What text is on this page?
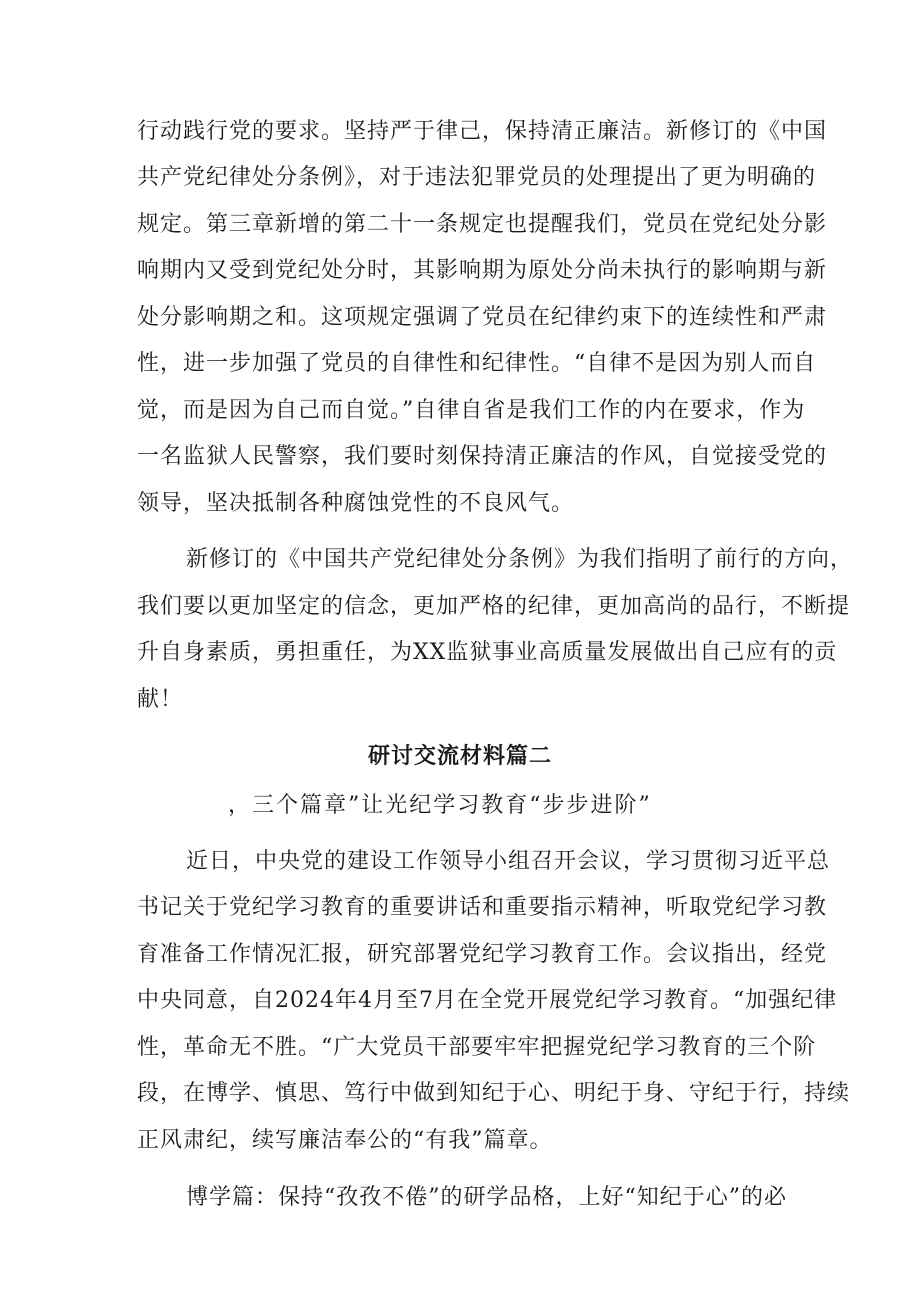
行动践行党的要求。坚持严于律己，保持清正廉洁。新修订的《中国
共产党纪律处分条例》，对于违法犯罪党员的处理提出了更为明确的
规定。第三章新增的第二十一条规定也提醒我们，党员在党纪处分影
响期内又受到党纪处分时，其影响期为原处分尚未执行的影响期与新
处分影响期之和。这项规定强调了党员在纪律约束下的连续性和严肃
性，进一步加强了党员的自律性和纪律性。“自律不是因为别人而自
觉，而是因为自己而自觉。”自律自省是我们工作的内在要求，作为
一名监狱人民警察，我们要时刻保持清正廉洁的作风，自觉接受党的
领导，坚决抵制各种腐蚀党性的不良风气。
新修订的《中国共产党纪律处分条例》为我们指明了前行的方向，
我们要以更加坚定的信念，更加严格的纪律，更加高尚的品行，不断提
升自身素质，勇担重任，为XX监狱事业高质量发展做出自己应有的贡
献！
研讨交流材料篇二
，三个篇章”让光纪学习教育“步步进阶”
近日，中央党的建设工作领导小组召开会议，学习贯彻习近平总
书记关于党纪学习教育的重要讲话和重要指示精神，听取党纪学习教
育准备工作情况汇报，研究部署党纪学习教育工作。会议指出，经党
中央同意，自2024年4月至7月在全党开展党纪学习教育。“加强纪律
性，革命无不胜。“广大党员干部要牢牢把握党纪学习教育的三个阶
段，在博学、慎思、笃行中做到知纪于心、明纪于身、守纪于行，持续
正风肃纪，续写廉洁奉公的“有我”篇章。
博学篇：保持“孜孜不倦”的研学品格，上好“知纪于心”的必
